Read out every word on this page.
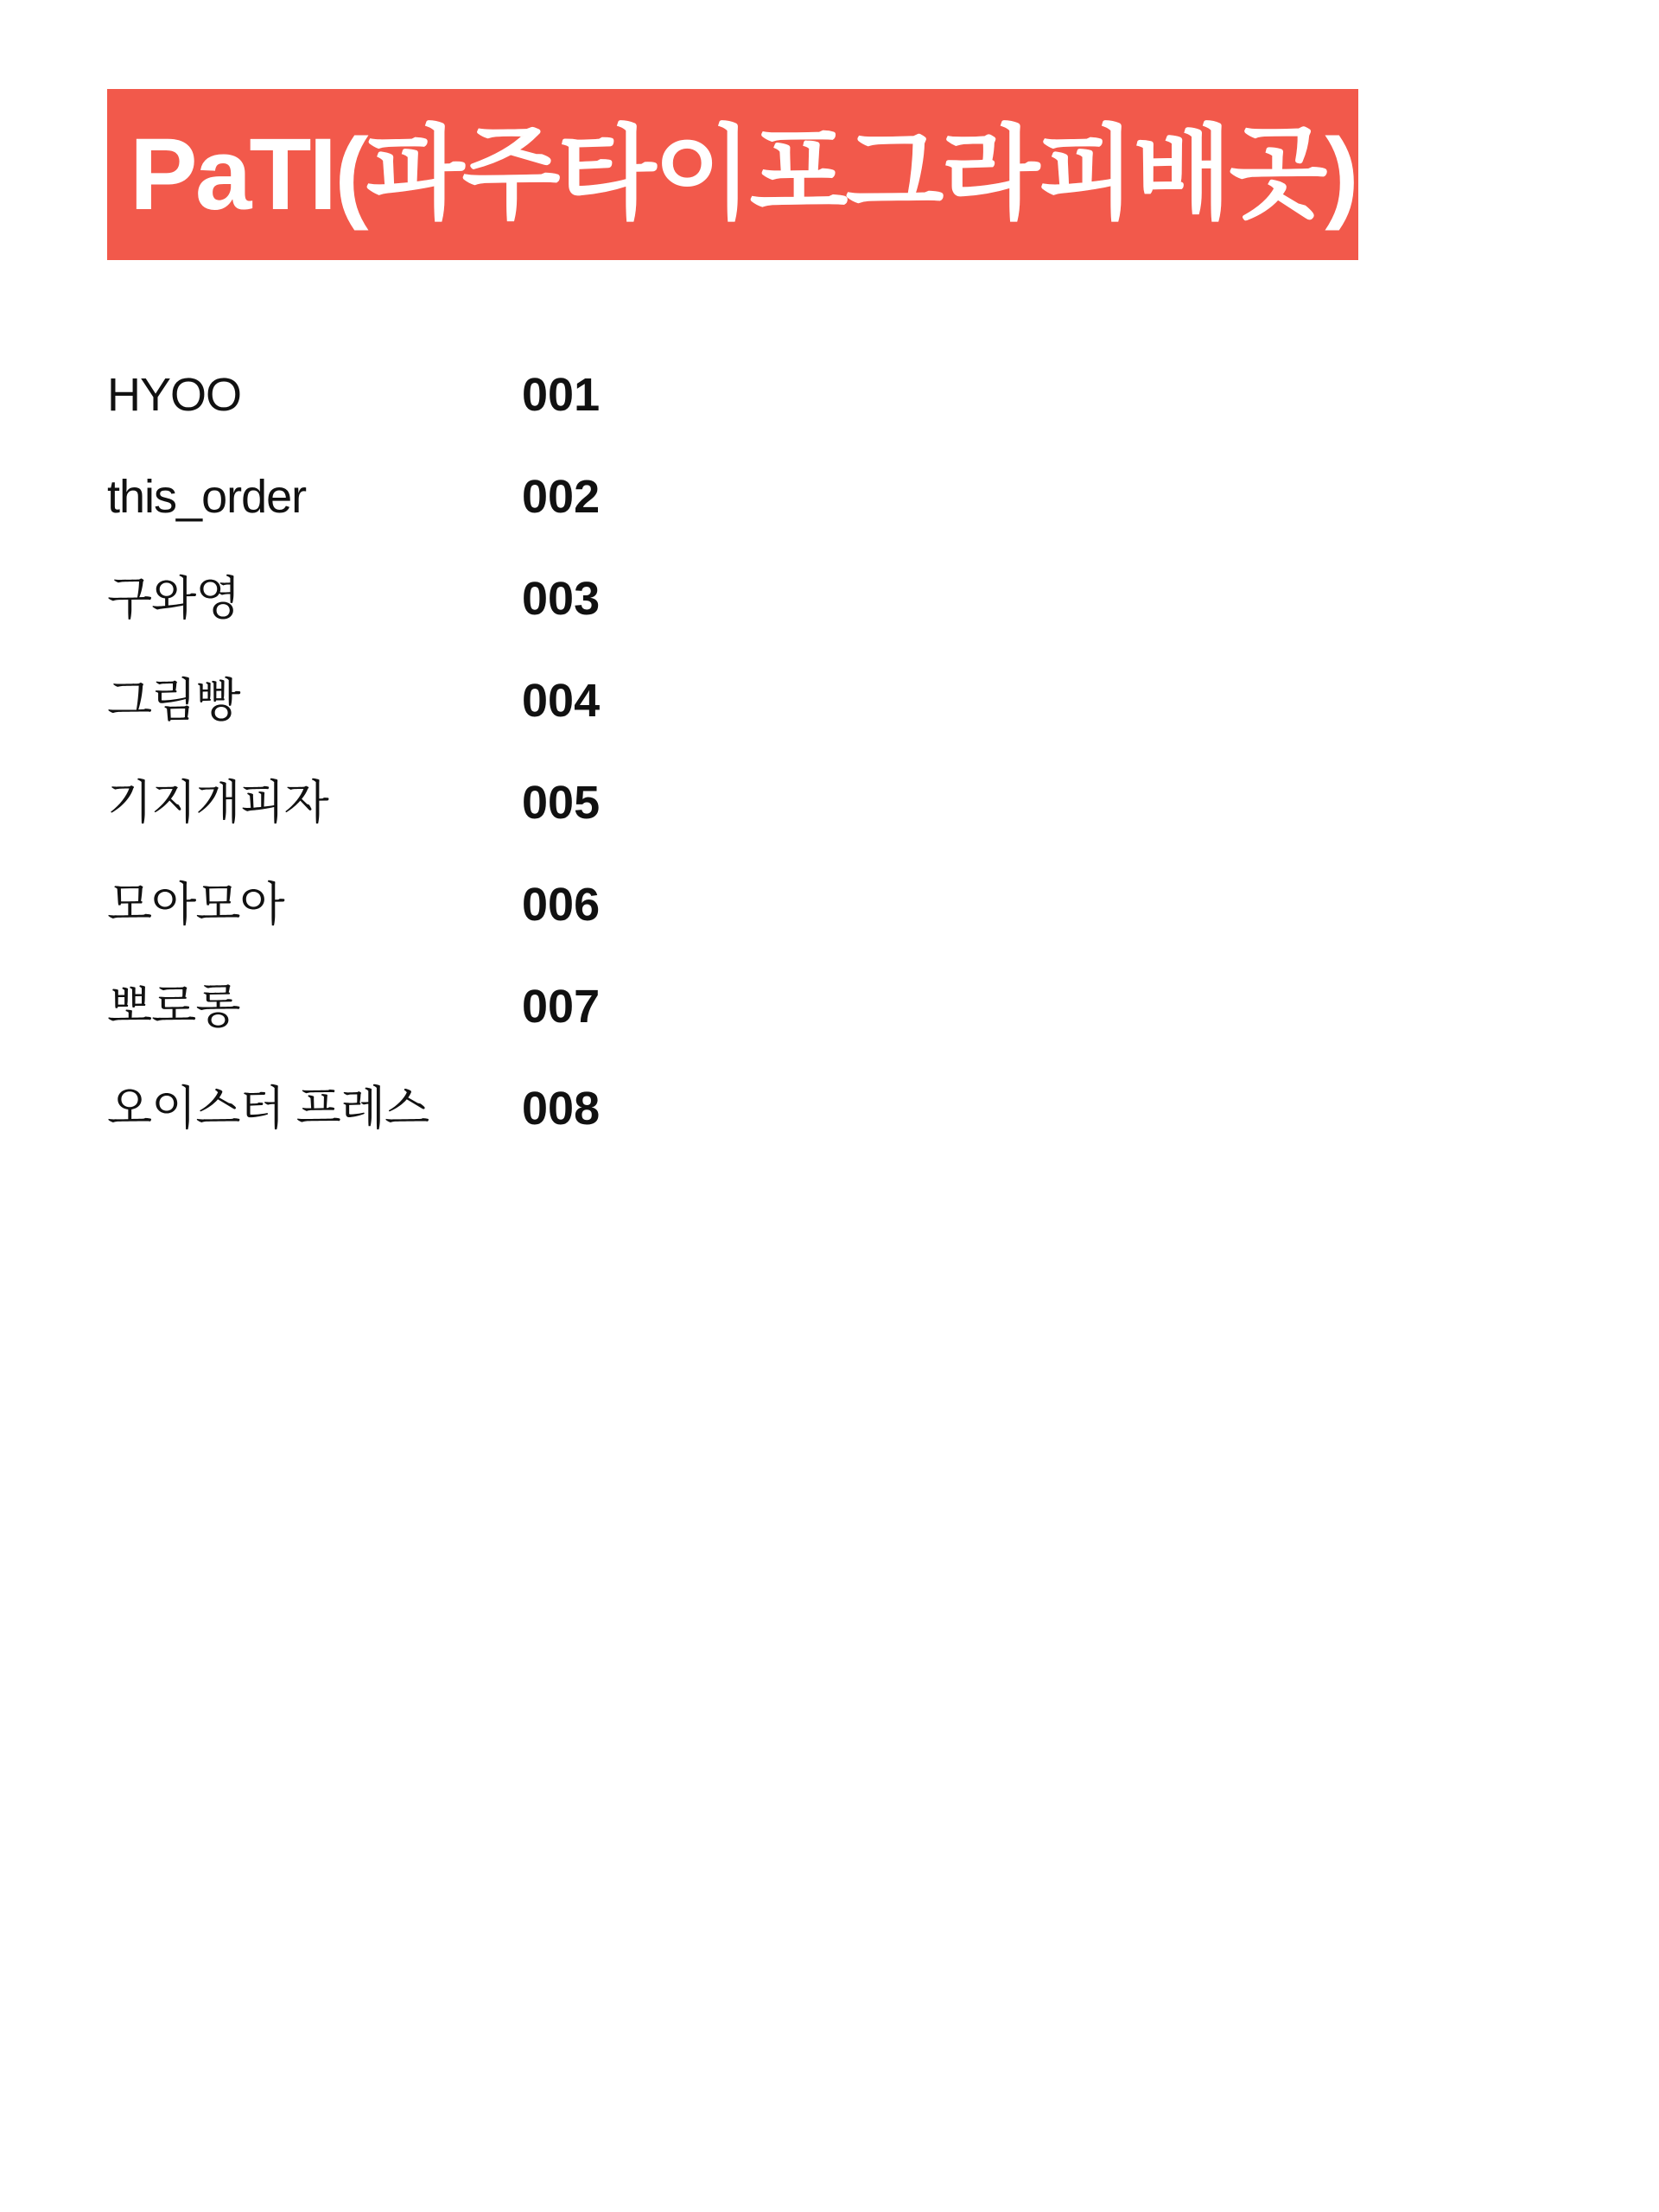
PaTI(파주타이포그라피배곳)
HYOO	001
this_order	002
구와영	003
그림빵	004
기지개피자	005
모아모아	006
뽀로롱	007
오이스터 프레스	008
